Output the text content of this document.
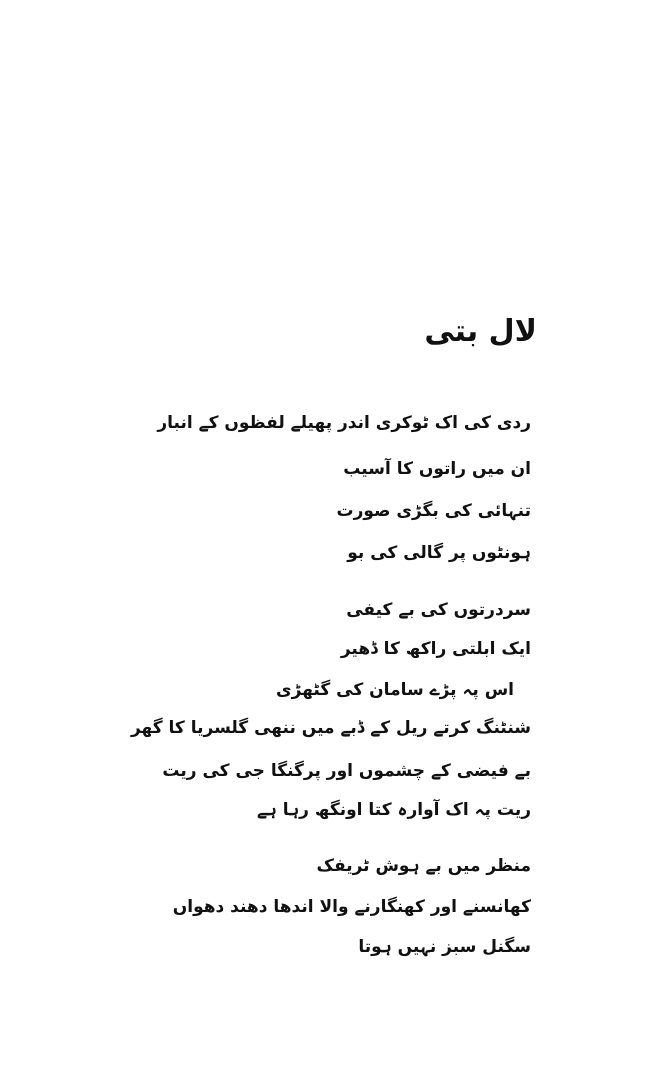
لال بتی
ردی کی اک ٹوکری اندر پھیلے لفظوں کے انبار
ان میں راتوں کا آسیب
تنہائی کی بگڑی صورت
ہونٹوں پر گالی کی بو
سردرتوں کی بے کیفی
ایک ابلتی راکھ کا ڈھیر
اس پہ پڑے سامان کی گٹھڑی
شنٹنگ کرتے ریل کے ڈبے میں ننھی گلسریا کا گھر
بے فیضی کے چشموں اور پرگنگا جی کی ریت
ریت پہ اک آوارہ کتا اونگھ رہا ہے
منظر میں بے ہوش ٹریفک
کھانسنے اور کھنگارنے والا اندھا دھند دھواں
سگنل سبز نہیں ہوتا
